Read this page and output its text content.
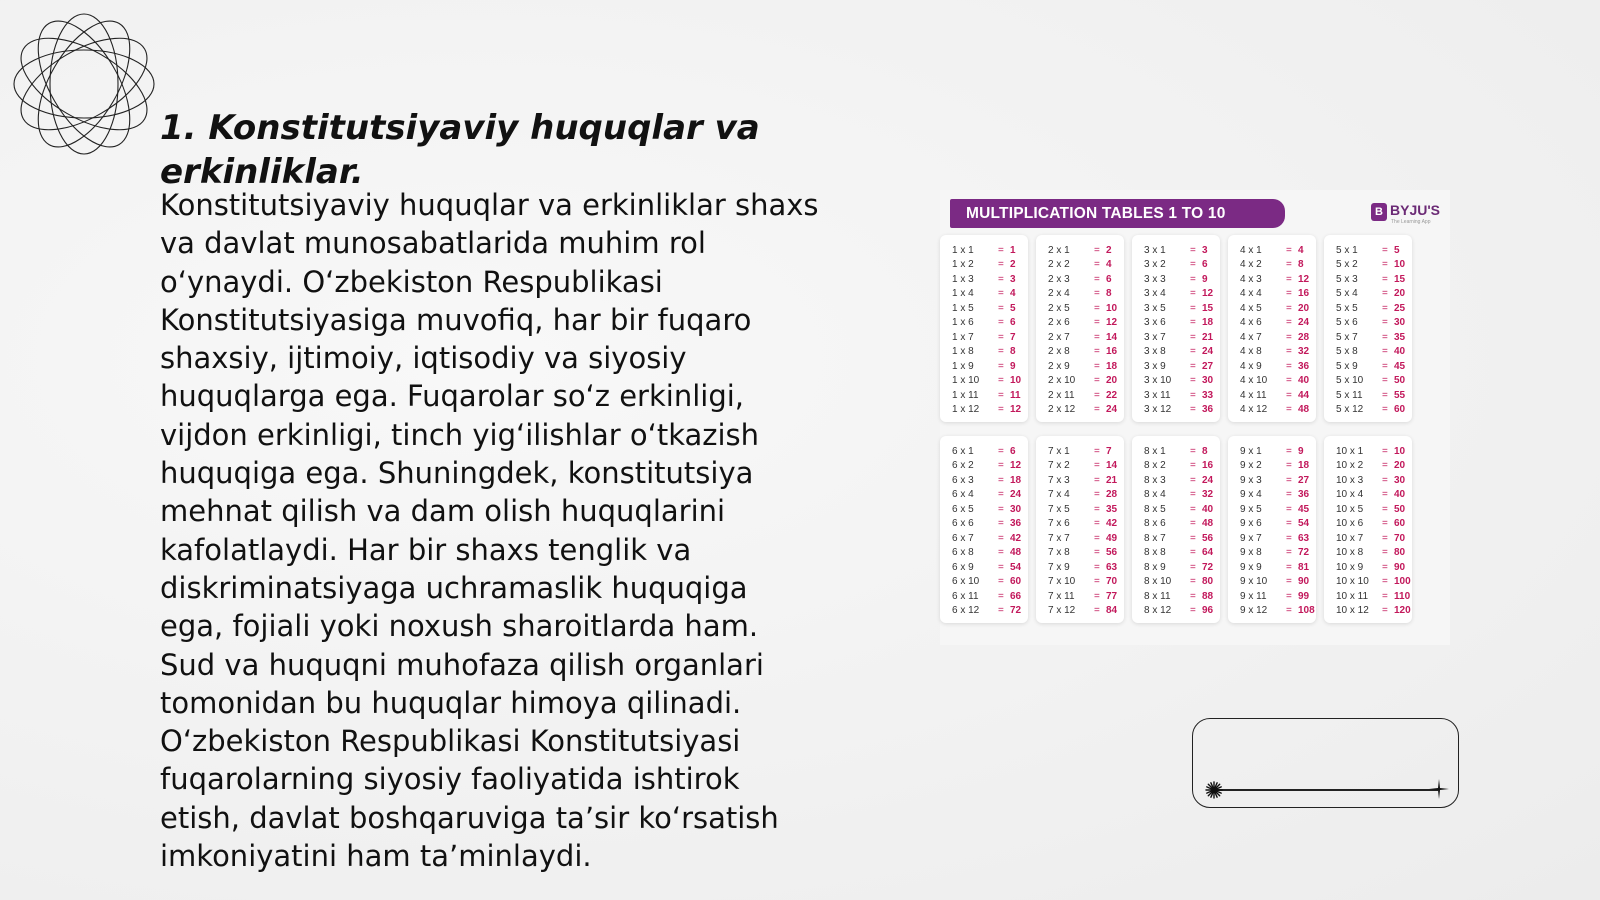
1. Konstitutsiyaviy huquqlar va
erkinliklar.

Konstitutsiyaviy huquqlar va erkinliklar shaxs
va davlat munosabatlarida muhim rol
o‘ynaydi. O‘zbekiston Respublikasi
Konstitutsiyasiga muvofiq, har bir fuqaro
shaxsiy, ijtimoiy, iqtisodiy va siyosiy
huquqlarga ega. Fuqarolar so‘z erkinligi,
vijdon erkinligi, tinch yig‘ilishlar o‘tkazish
huquqiga ega. Shuningdek, konstitutsiya
mehnat qilish va dam olish huquqlarini
kafolatlaydi. Har bir shaxs tenglik va
diskriminatsiyaga uchramaslik huquqiga
ega, fojiali yoki noxush sharoitlarda ham.
Sud va huquqni muhofaza qilish organlari
tomonidan bu huquqlar himoya qilinadi.
O‘zbekiston Respublikasi Konstitutsiyasi
fuqarolarning siyosiy faoliyatida ishtirok
etish, davlat boshqaruviga ta’sir ko‘rsatish
imkoniyatini ham ta’minlaydi.

MULTIPLICATION TABLES 1 TO 10	B BYJU'S
The Learning App
1 x 1	= 1
1 x 2	= 2
1 x 3	= 3
1 x 4	= 4
1 x 5	= 5
1 x 6	= 6
1 x 7	= 7
1 x 8	= 8
1 x 9	= 9
1 x 10	= 10
1 x 11	= 11
1 x 12	= 12
2 x 1	= 2
2 x 2	= 4
2 x 3	= 6
2 x 4	= 8
2 x 5	= 10
2 x 6	= 12
2 x 7	= 14
2 x 8	= 16
2 x 9	= 18
2 x 10	= 20
2 x 11	= 22
2 x 12	= 24
3 x 1	= 3
3 x 2	= 6
3 x 3	= 9
3 x 4	= 12
3 x 5	= 15
3 x 6	= 18
3 x 7	= 21
3 x 8	= 24
3 x 9	= 27
3 x 10	= 30
3 x 11	= 33
3 x 12	= 36
4 x 1	= 4
4 x 2	= 8
4 x 3	= 12
4 x 4	= 16
4 x 5	= 20
4 x 6	= 24
4 x 7	= 28
4 x 8	= 32
4 x 9	= 36
4 x 10	= 40
4 x 11	= 44
4 x 12	= 48
5 x 1	= 5
5 x 2	= 10
5 x 3	= 15
5 x 4	= 20
5 x 5	= 25
5 x 6	= 30
5 x 7	= 35
5 x 8	= 40
5 x 9	= 45
5 x 10	= 50
5 x 11	= 55
5 x 12	= 60
6 x 1	= 6
6 x 2	= 12
6 x 3	= 18
6 x 4	= 24
6 x 5	= 30
6 x 6	= 36
6 x 7	= 42
6 x 8	= 48
6 x 9	= 54
6 x 10	= 60
6 x 11	= 66
6 x 12	= 72
7 x 1	= 7
7 x 2	= 14
7 x 3	= 21
7 x 4	= 28
7 x 5	= 35
7 x 6	= 42
7 x 7	= 49
7 x 8	= 56
7 x 9	= 63
7 x 10	= 70
7 x 11	= 77
7 x 12	= 84
8 x 1	= 8
8 x 2	= 16
8 x 3	= 24
8 x 4	= 32
8 x 5	= 40
8 x 6	= 48
8 x 7	= 56
8 x 8	= 64
8 x 9	= 72
8 x 10	= 80
8 x 11	= 88
8 x 12	= 96
9 x 1	= 9
9 x 2	= 18
9 x 3	= 27
9 x 4	= 36
9 x 5	= 45
9 x 6	= 54
9 x 7	= 63
9 x 8	= 72
9 x 9	= 81
9 x 10	= 90
9 x 11	= 99
9 x 12	= 108
10 x 1	= 10
10 x 2	= 20
10 x 3	= 30
10 x 4	= 40
10 x 5	= 50
10 x 6	= 60
10 x 7	= 70
10 x 8	= 80
10 x 9	= 90
10 x 10	= 100
10 x 11	= 110
10 x 12	= 120
